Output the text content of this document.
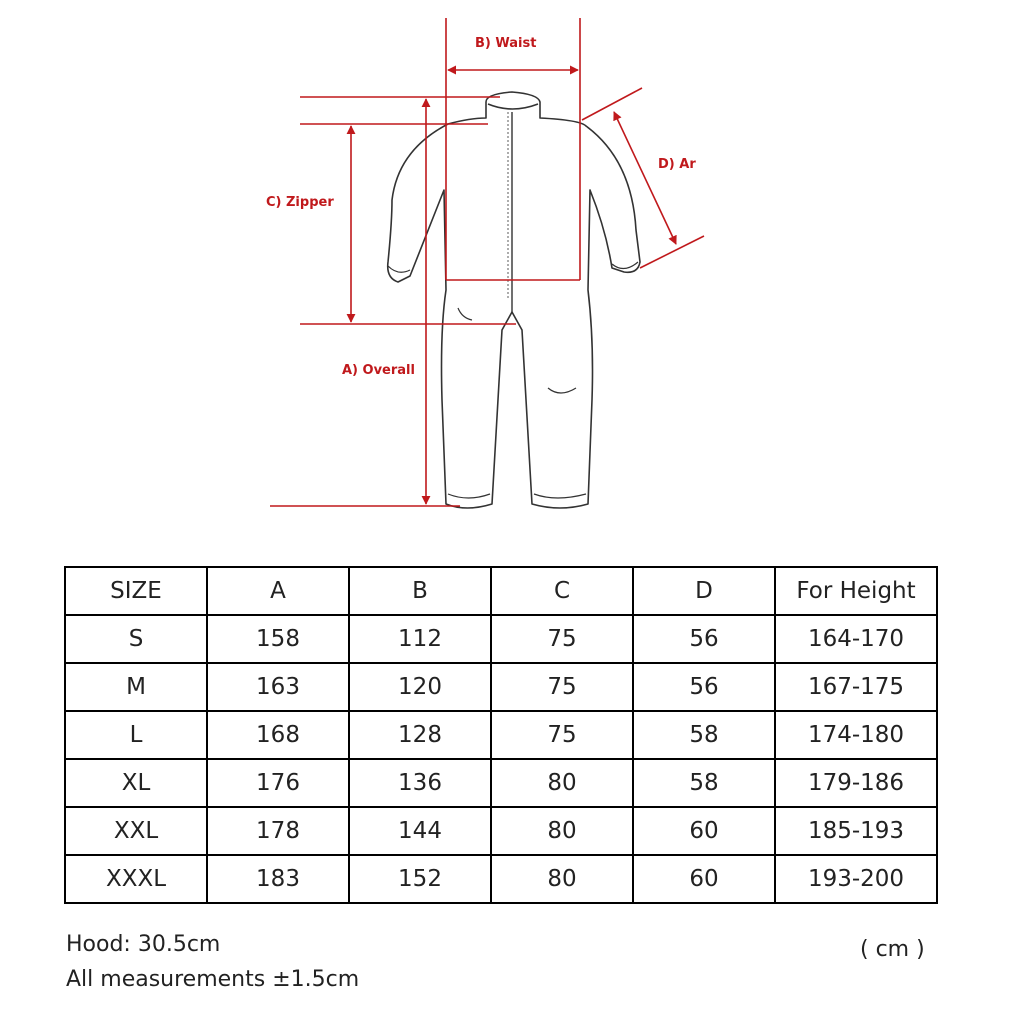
B) Waist
D) Ar
C) Zipper
A) Overall
SIZE	A	B	C	D	For Height
S	158	112	75	56	164-170
M	163	120	75	56	167-175
L	168	128	75	58	174-180
XL	176	136	80	58	179-186
XXL	178	144	80	60	185-193
XXXL	183	152	80	60	193-200
Hood: 30.5cm
All measurements ±1.5cm
( cm )
